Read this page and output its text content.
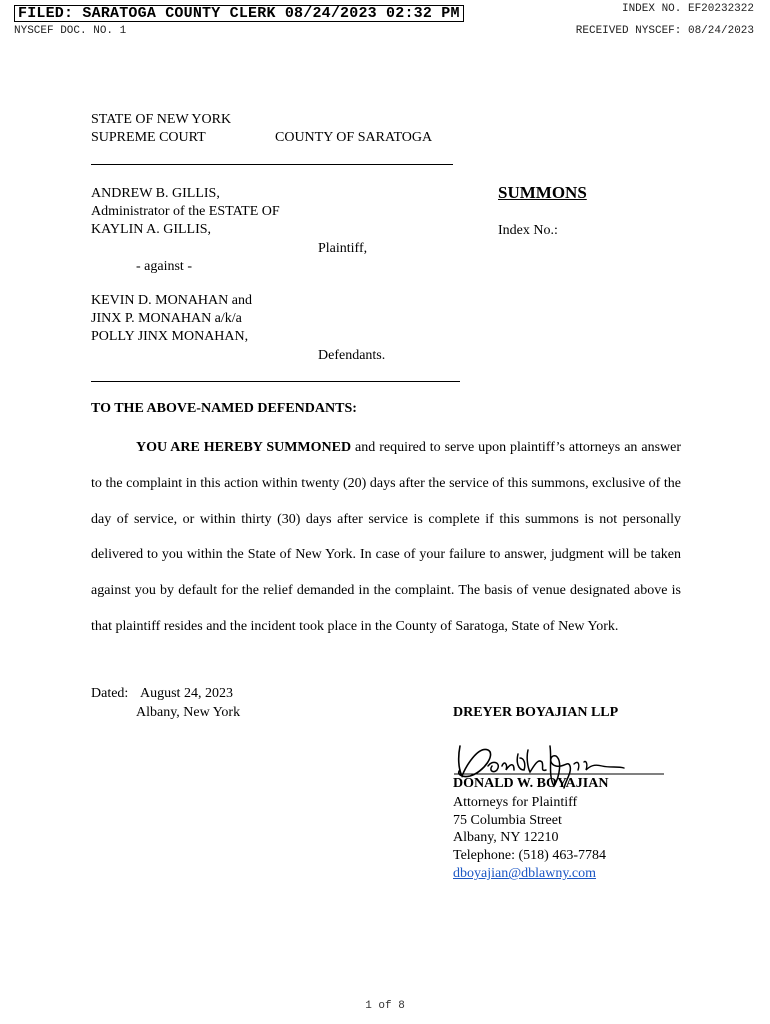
FILED: SARATOGA COUNTY CLERK 08/24/2023 02:32 PM	INDEX NO. EF20232322
NYSCEF DOC. NO. 1	RECEIVED NYSCEF: 08/24/2023
STATE OF NEW YORK
SUPREME COURT	COUNTY OF SARATOGA
ANDREW B. GILLIS,
Administrator of the ESTATE OF
KAYLIN A. GILLIS,
Plaintiff,
- against -
KEVIN D. MONAHAN and
JINX P. MONAHAN a/k/a
POLLY JINX MONAHAN,
Defendants.
SUMMONS
Index No.:
TO THE ABOVE-NAMED DEFENDANTS:

YOU ARE HEREBY SUMMONED and required to serve upon plaintiff’s attorneys an answer to the complaint in this action within twenty (20) days after the service of this summons, exclusive of the day of service, or within thirty (30) days after service is complete if this summons is not personally delivered to you within the State of New York. In case of your failure to answer, judgment will be taken against you by default for the relief demanded in the complaint. The basis of venue designated above is that plaintiff resides and the incident took place in the County of Saratoga, State of New York.

Dated: August 24, 2023
Albany, New York	DREYER BOYAJIAN LLP
DONALD W. BOYAJIAN
Attorneys for Plaintiff
75 Columbia Street
Albany, NY 12210
Telephone: (518) 463-7784
dboyajian@dblawny.com
1 of 8
